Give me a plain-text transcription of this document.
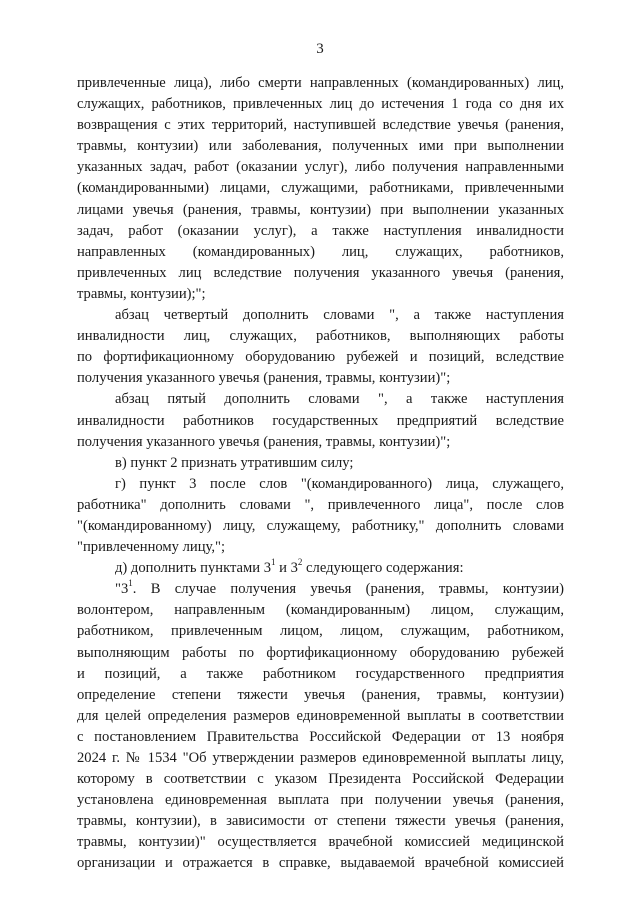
3

привлеченные лица), либо смерти направленных (командированных) лиц,
служащих, работников, привлеченных лиц до истечения 1 года со дня их
возвращения с этих территорий, наступившей вследствие увечья (ранения,
травмы, контузии) или заболевания, полученных ими при выполнении
указанных задач, работ (оказании услуг), либо получения направленными
(командированными) лицами, служащими, работниками, привлеченными
лицами увечья (ранения, травмы, контузии) при выполнении указанных
задач, работ (оказании услуг), а также наступления инвалидности
направленных (командированных) лиц, служащих, работников,
привлеченных лиц вследствие получения указанного увечья (ранения,
травмы, контузии);";

абзац четвертый дополнить словами ", а также наступления
инвалидности лиц, служащих, работников, выполняющих работы
по фортификационному оборудованию рубежей и позиций, вследствие
получения указанного увечья (ранения, травмы, контузии)";

абзац пятый дополнить словами ", а также наступления
инвалидности работников государственных предприятий вследствие
получения указанного увечья (ранения, травмы, контузии)";

в) пункт 2 признать утратившим силу;

г) пункт 3 после слов "(командированного) лица, служащего,
работника" дополнить словами ", привлеченного лица", после слов
"(командированному) лицу, служащему, работнику," дополнить словами
"привлеченному лицу,";

д) дополнить пунктами $3^1$ и $3^2$ следующего содержания:

"$3^1$. В случае получения увечья (ранения, травмы, контузии)
волонтером, направленным (командированным) лицом, служащим,
работником, привлеченным лицом, лицом, служащим, работником,
выполняющим работы по фортификационному оборудованию рубежей
и позиций, а также работником государственного предприятия
определение степени тяжести увечья (ранения, травмы, контузии)
для целей определения размеров единовременной выплаты в соответствии
с постановлением Правительства Российской Федерации от 13 ноября
2024 г. № 1534 "Об утверждении размеров единовременной выплаты лицу,
которому в соответствии с указом Президента Российской Федерации
установлена единовременная выплата при получении увечья (ранения,
травмы, контузии), в зависимости от степени тяжести увечья (ранения,
травмы, контузии)" осуществляется врачебной комиссией медицинской
организации и отражается в справке, выдаваемой врачебной комиссией
